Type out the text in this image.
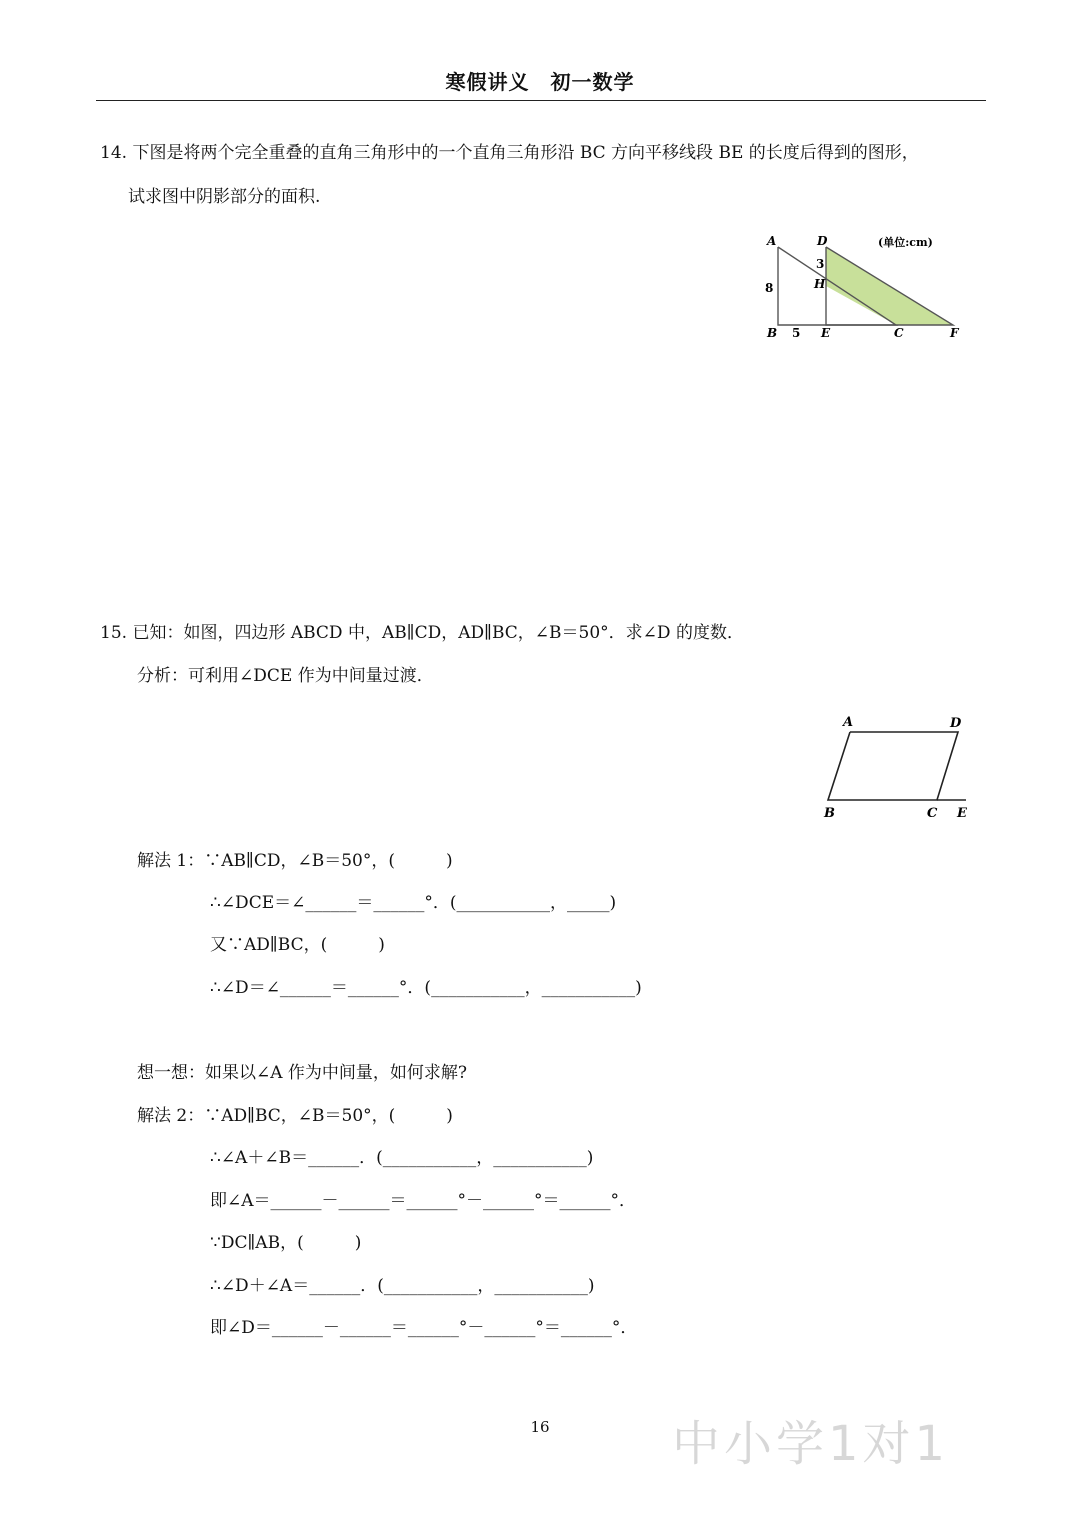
寒假讲义　初一数学
14. 下图是将两个完全重叠的直角三角形中的一个直角三角形沿 BC 方向平移线段 BE 的长度后得到的图形，
试求图中阴影部分的面积.
A	D	(单位:cm)
3
H
8
B 5 E	C	F
15. 已知：如图，四边形 ABCD 中，AB∥CD，AD∥BC，∠B＝50°．求∠D 的度数．
分析：可利用∠DCE 作为中间量过渡．
A	D
B	C E
解法 1：∵AB∥CD，∠B＝50°，(　　　)
∴∠DCE＝∠______＝______°．(___________，_____)
又∵AD∥BC，(　　　)
∴∠D＝∠______＝______°．(___________，___________)
想一想：如果以∠A 作为中间量，如何求解?
解法 2：∵AD∥BC，∠B＝50°，(　　　)
∴∠A＋∠B＝______．(___________，___________)
即∠A＝______－______＝______°－______°＝______°．
∵DC∥AB，(　　　)
∴∠D＋∠A＝______．(___________，___________)
即∠D＝______－______＝______°－______°＝______°．
16	中小学1对1
